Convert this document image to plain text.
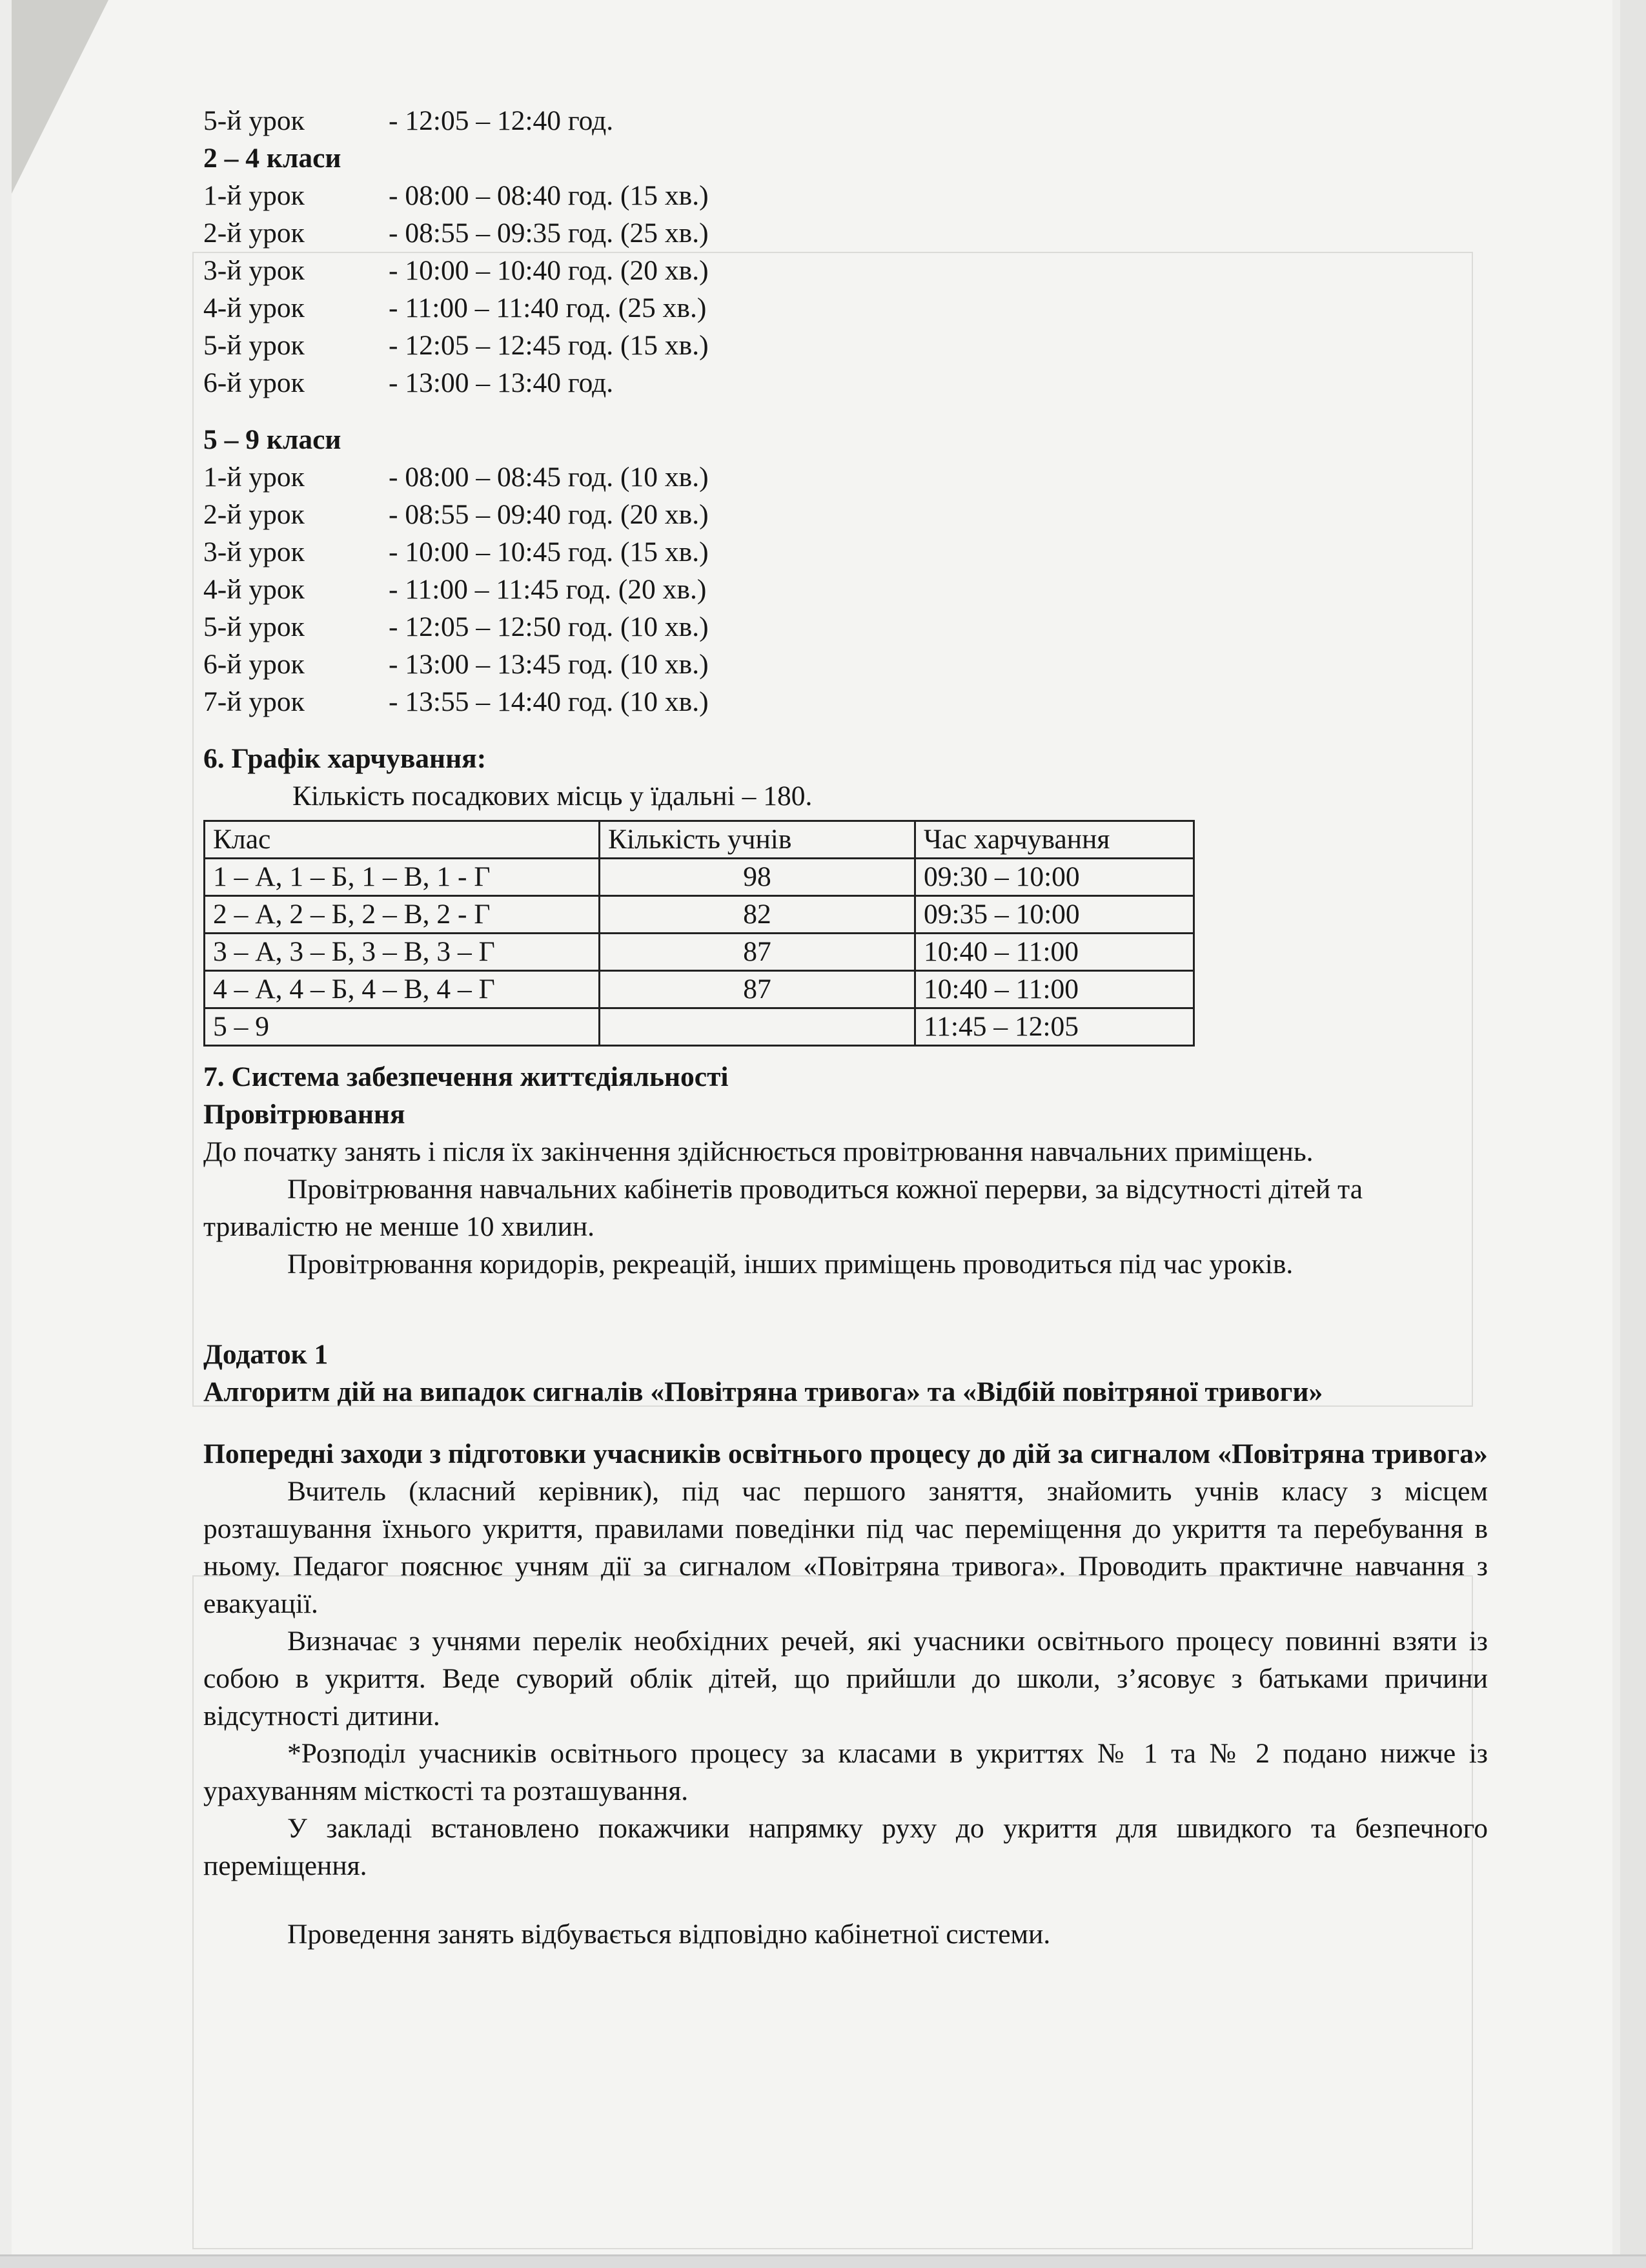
5-й урок	- 12:05 – 12:40 год.
2 – 4 класи
1-й урок	- 08:00 – 08:40 год. (15 хв.)
2-й урок	- 08:55 – 09:35 год. (25 хв.)
3-й урок	- 10:00 – 10:40 год. (20 хв.)
4-й урок	- 11:00 – 11:40 год. (25 хв.)
5-й урок	- 12:05 – 12:45 год. (15 хв.)
6-й урок	- 13:00 – 13:40 год.
5 – 9 класи
1-й урок	- 08:00 – 08:45 год. (10 хв.)
2-й урок	- 08:55 – 09:40 год. (20 хв.)
3-й урок	- 10:00 – 10:45 год. (15 хв.)
4-й урок	- 11:00 – 11:45 год. (20 хв.)
5-й урок	- 12:05 – 12:50 год. (10 хв.)
6-й урок	- 13:00 – 13:45 год. (10 хв.)
7-й урок	- 13:55 – 14:40 год. (10 хв.)
6. Графік харчування:
Кількість посадкових місць у їдальні – 180.
Клас	Кількість учнів	Час харчування
1 – А, 1 – Б, 1 – В, 1 - Г	98	09:30 – 10:00
2 – А, 2 – Б, 2 – В, 2 - Г	82	09:35 – 10:00
3 – А, 3 – Б, 3 – В, 3 – Г	87	10:40 – 11:00
4 – А, 4 – Б, 4 – В, 4 – Г	87	10:40 – 11:00
5 – 9		11:45 – 12:05
7. Система забезпечення життєдіяльності
Провітрювання

До початку занять і після їх закінчення здійснюється провітрювання навчальних приміщень.

Провітрювання навчальних кабінетів проводиться кожної перерви, за відсутності дітей та тривалістю не менше 10 хвилин.

Провітрювання коридорів, рекреацій, інших приміщень проводиться під час уроків.

Додаток 1
Алгоритм дій на випадок сигналів «Повітряна тривога» та «Відбій повітряної тривоги»

Попередні заходи з підготовки учасників освітнього процесу до дій за сигналом «Повітряна тривога»

Вчитель (класний керівник), під час першого заняття, знайомить учнів класу з місцем розташування їхнього укриття, правилами поведінки під час переміщення до укриття та перебування в ньому. Педагог пояснює учням дії за сигналом «Повітряна тривога». Проводить практичне навчання з евакуації.

Визначає з учнями перелік необхідних речей, які учасники освітнього процесу повинні взяти із собою в укриття. Веде суворий облік дітей, що прийшли до школи, з’ясовує з батьками причини відсутності дитини.

*Розподіл учасників освітнього процесу за класами в укриттях № 1 та № 2 подано нижче із урахуванням місткості та розташування.

У закладі встановлено покажчики напрямку руху до укриття для швидкого та безпечного переміщення.

Проведення занять відбувається відповідно кабінетної системи.
